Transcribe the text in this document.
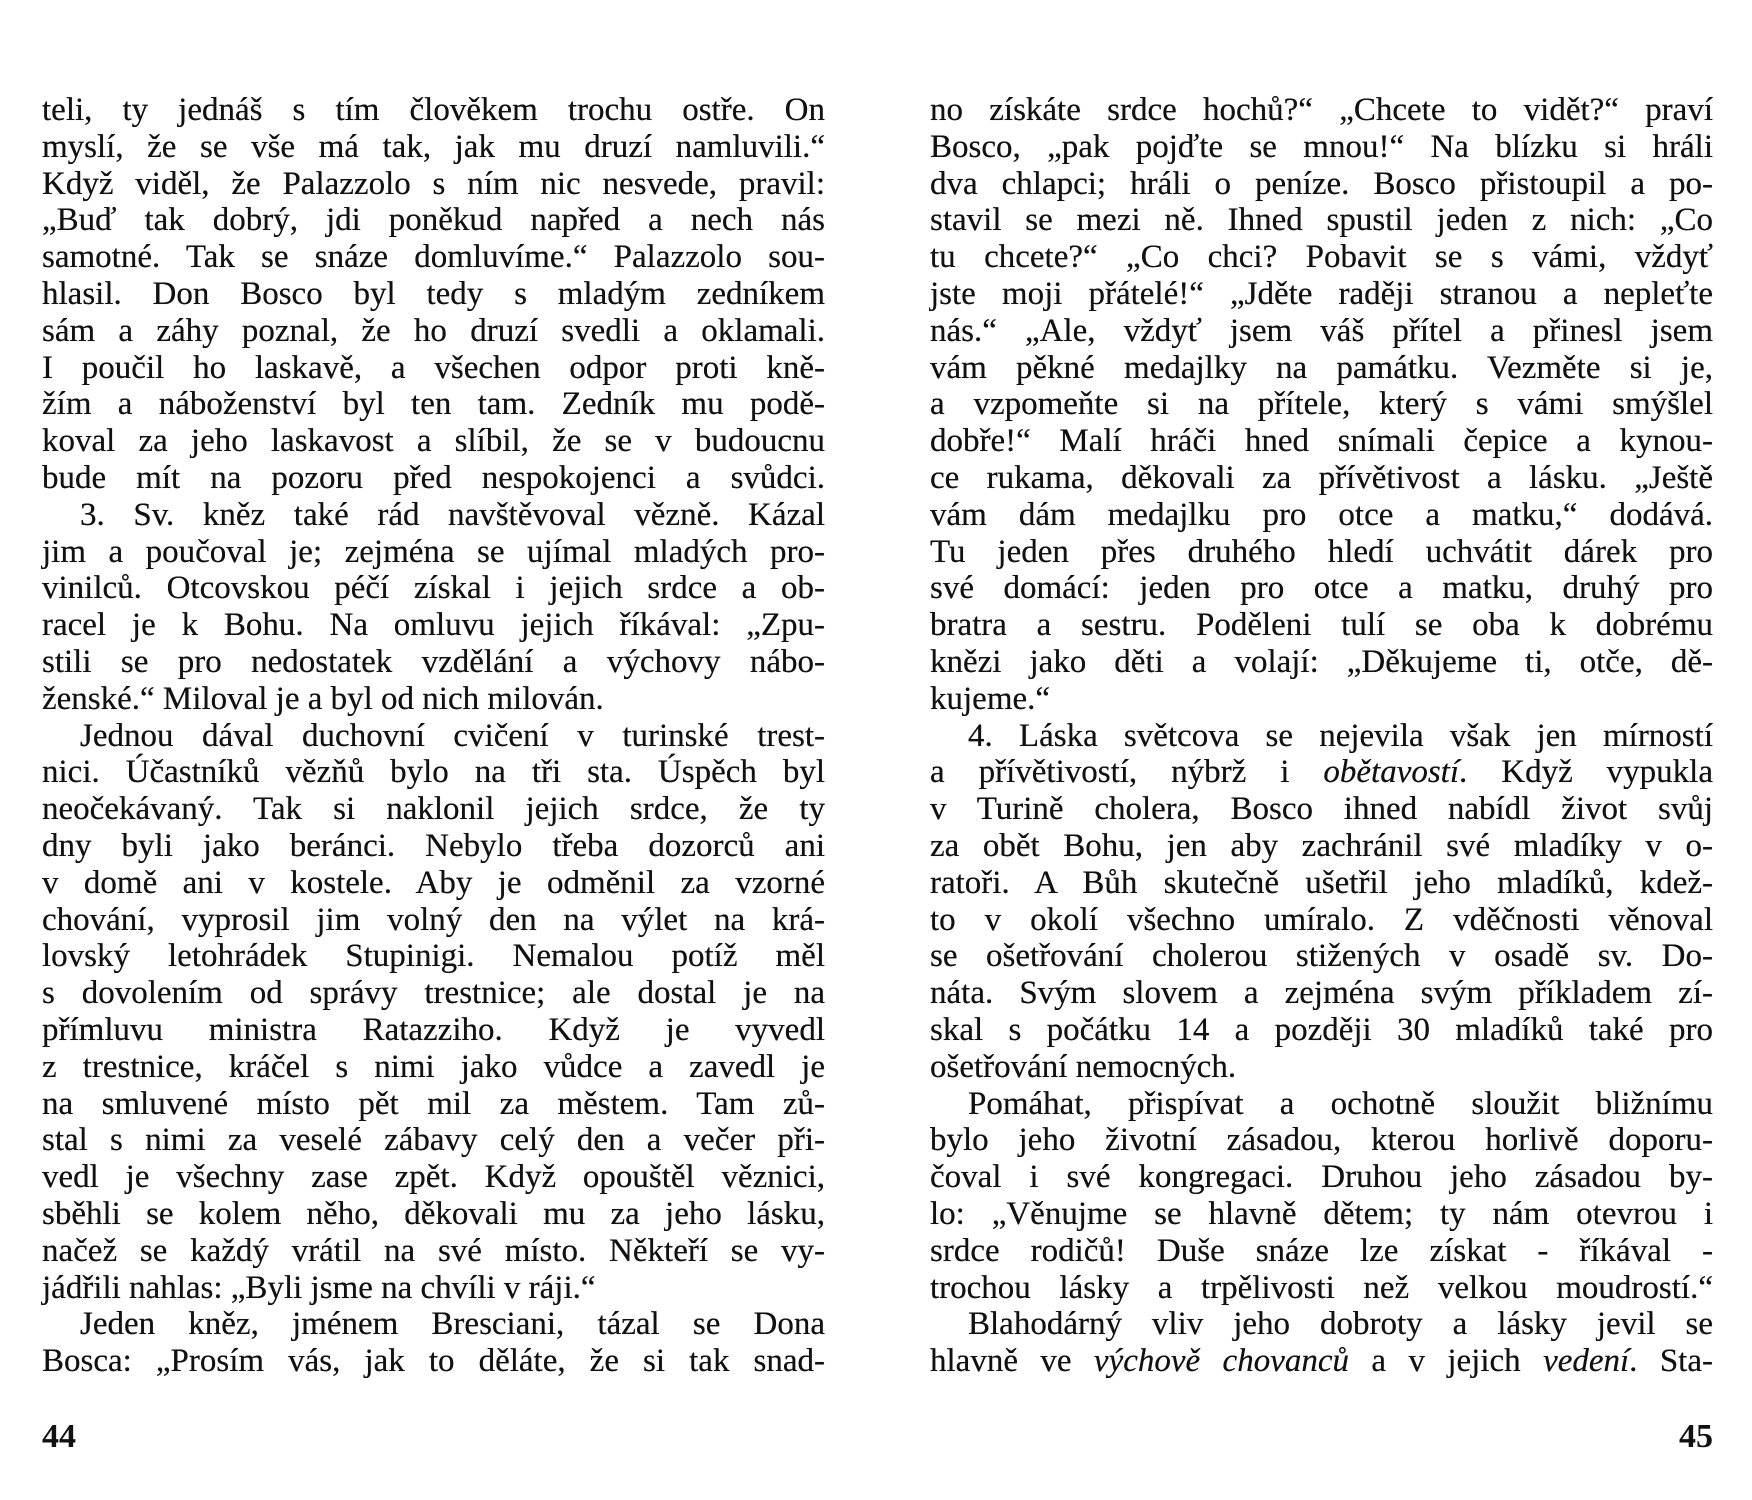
teli, ty jednáš s tím člověkem trochu ostře. On
myslí, že se vše má tak, jak mu druzí namluvili.“
Když viděl, že Palazzolo s ním nic nesvede, pravil:
„Buď tak dobrý, jdi poněkud napřed a nech nás
samotné. Tak se snáze domluvíme.“ Palazzolo sou-
hlasil. Don Bosco byl tedy s mladým zedníkem
sám a záhy poznal, že ho druzí svedli a oklamali.
I poučil ho laskavě, a všechen odpor proti kně-
žím a náboženství byl ten tam. Zedník mu podě-
koval za jeho laskavost a slíbil, že se v budoucnu
bude mít na pozoru před nespokojenci a svůdci.
3. Sv. kněz také rád navštěvoval vězně. Kázal
jim a poučoval je; zejména se ujímal mladých pro-
vinilců. Otcovskou péčí získal i jejich srdce a ob-
racel je k Bohu. Na omluvu jejich říkával: „Zpu-
stili se pro nedostatek vzdělání a výchovy nábo-
ženské.“ Miloval je a byl od nich milován.
Jednou dával duchovní cvičení v turinské trest-
nici. Účastníků vězňů bylo na tři sta. Úspěch byl
neočekávaný. Tak si naklonil jejich srdce, že ty
dny byli jako beránci. Nebylo třeba dozorců ani
v domě ani v kostele. Aby je odměnil za vzorné
chování, vyprosil jim volný den na výlet na krá-
lovský letohrádek Stupinigi. Nemalou potíž měl
s dovolením od správy trestnice; ale dostal je na
přímluvu ministra Ratazziho. Když je vyvedl
z trestnice, kráčel s nimi jako vůdce a zavedl je
na smluvené místo pět mil za městem. Tam zů-
stal s nimi za veselé zábavy celý den a večer při-
vedl je všechny zase zpět. Když opouštěl věznici,
sběhli se kolem něho, děkovali mu za jeho lásku,
načež se každý vrátil na své místo. Někteří se vy-
jádřili nahlas: „Byli jsme na chvíli v ráji.“
Jeden kněz, jménem Bresciani, tázal se Dona
Bosca: „Prosím vás, jak to děláte, že si tak snad-
no získáte srdce hochů?“ „Chcete to vidět?“ praví
Bosco, „pak pojďte se mnou!“ Na blízku si hráli
dva chlapci; hráli o peníze. Bosco přistoupil a po-
stavil se mezi ně. Ihned spustil jeden z nich: „Co
tu chcete?“ „Co chci? Pobavit se s vámi, vždyť
jste moji přátelé!“ „Jděte raději stranou a nepleťte
nás.“ „Ale, vždyť jsem váš přítel a přinesl jsem
vám pěkné medajlky na památku. Vezměte si je,
a vzpomeňte si na přítele, který s vámi smýšlel
dobře!“ Malí hráči hned snímali čepice a kynou-
ce rukama, děkovali za přívětivost a lásku. „Ještě
vám dám medajlku pro otce a matku,“ dodává.
Tu jeden přes druhého hledí uchvátit dárek pro
své domácí: jeden pro otce a matku, druhý pro
bratra a sestru. Poděleni tulí se oba k dobrému
knězi jako děti a volají: „Děkujeme ti, otče, dě-
kujeme.“
4. Láska světcova se nejevila však jen mírností
a přívětivostí, nýbrž i obětavostí. Když vypukla
v Turině cholera, Bosco ihned nabídl život svůj
za obět Bohu, jen aby zachránil své mladíky v o-
ratoři. A Bůh skutečně ušetřil jeho mladíků, kdež-
to v okolí všechno umíralo. Z vděčnosti věnoval
se ošetřování cholerou stižených v osadě sv. Do-
náta. Svým slovem a zejména svým příkladem zí-
skal s počátku 14 a později 30 mladíků také pro
ošetřování nemocných.
Pomáhat, přispívat a ochotně sloužit bližnímu
bylo jeho životní zásadou, kterou horlivě doporu-
čoval i své kongregaci. Druhou jeho zásadou by-
lo: „Věnujme se hlavně dětem; ty nám otevrou i
srdce rodičů! Duše snáze lze získat - říkával -
trochou lásky a trpělivosti než velkou moudrostí.“
Blahodárný vliv jeho dobroty a lásky jevil se
hlavně ve výchově chovanců a v jejich vedení. Sta-
44	45
